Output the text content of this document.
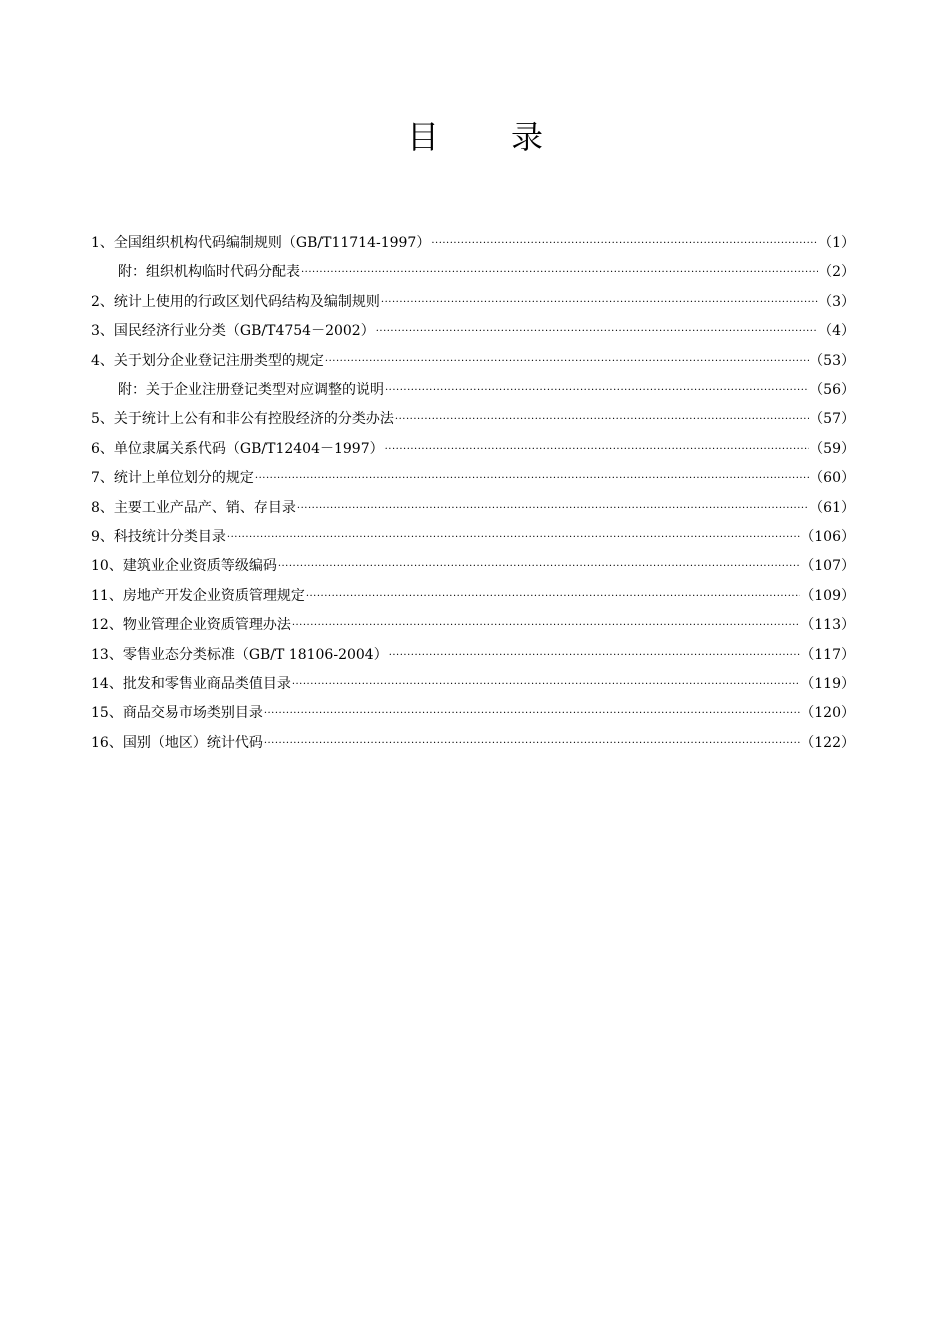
目 录
1、 全国组织机构代码编制规则（GB/T11714-1997） ·····	（1）
附：组织机构临时代码分配表 ·····	（2）
2、 统计上使用的行政区划代码结构及编制规则 ·····	（3）
3、 国民经济行业分类（GB/T4754－2002） ·····	（4）
4、 关于划分企业登记注册类型的规定 ·····	（53）
附：关于企业注册登记类型对应调整的说明 ·····	（56）
5、 关于统计上公有和非公有控股经济的分类办法 ·····	（57）
6、 单位隶属关系代码（GB/T12404－1997） ·····	（59）
7、 统计上单位划分的规定 ·····	（60）
8、 主要工业产品产、销、存目录 ·····	（61）
9、 科技统计分类目录 ·····	（106）
10、 建筑业企业资质等级编码 ·····	（107）
11、 房地产开发企业资质管理规定 ·····	（109）
12、 物业管理企业资质管理办法 ·····	（113）
13、 零售业态分类标准（GB/T 18106-2004） ·····	（117）
14、 批发和零售业商品类值目录 ·····	（119）
15、 商品交易市场类别目录 ·····	（120）
16、 国别（地区）统计代码 ·····	（122）
